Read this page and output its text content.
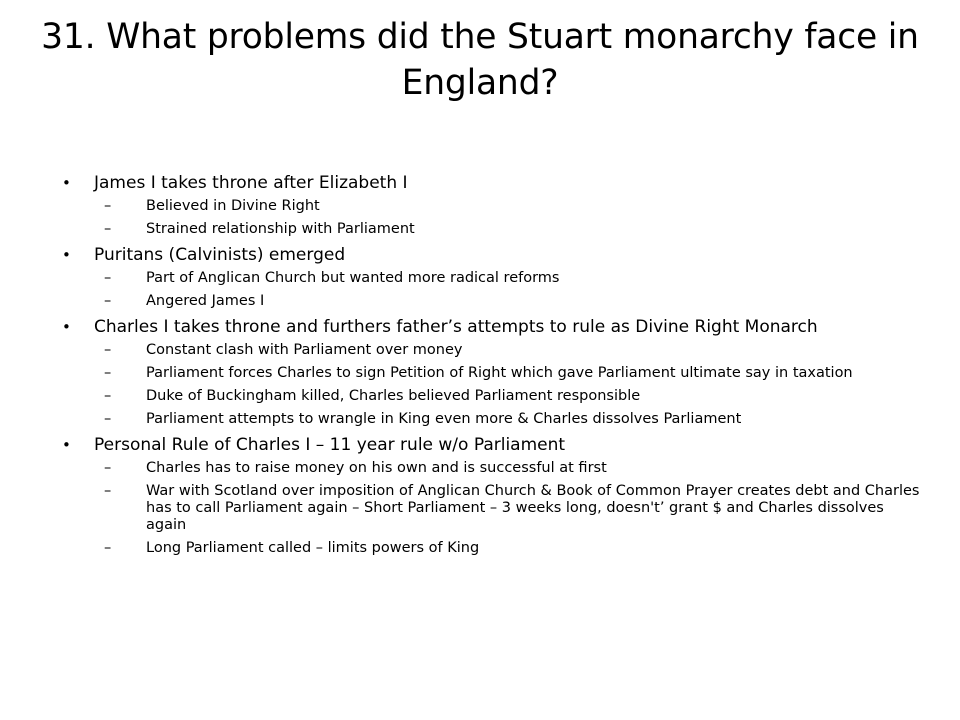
31. What problems did the Stuart monarchy face in England?
• James I takes throne after Elizabeth I
– Believed in Divine Right
– Strained relationship with Parliament
• Puritans (Calvinists) emerged
– Part of Anglican Church but wanted more radical reforms
– Angered James I
• Charles I takes throne and furthers father’s attempts to rule as Divine Right Monarch
– Constant clash with Parliament over money
– Parliament forces Charles to sign Petition of Right which gave Parliament ultimate say in taxation
– Duke of Buckingham killed, Charles believed Parliament responsible
– Parliament attempts to wrangle in King even more & Charles dissolves Parliament
• Personal Rule of Charles I – 11 year rule w/o Parliament
– Charles has to raise money on his own and is successful at first
– War with Scotland over imposition of Anglican Church & Book of Common Prayer creates debt and Charles has to call Parliament again – Short Parliament – 3 weeks long, doesn't’ grant $ and Charles dissolves again
– Long Parliament called – limits powers of King
